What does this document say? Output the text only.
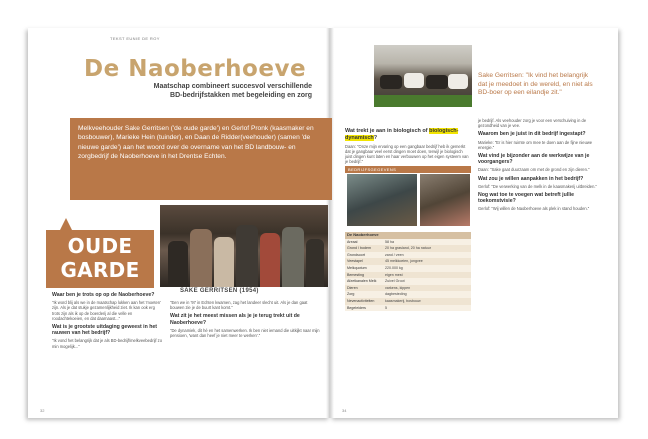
TEKST EUNIE DE ROY
De Naoberhoeve
Maatschap combineert succesvol verschillende
BD-bedrijfstakken met begeleiding en zorg
Melkveehouder Sake Gerritsen ('de oude garde') en Gerlof Pronk (kaasmaker en bosbouwer), Marieke Hein (tuinder), en Daan de Ridder(veehouder) (samen 'de nieuwe garde') aan het woord over de overname van het BD landbouw- en zorgbedrijf de Naoberhoeve in het Drentse Echten.
OUDE
GARDE
SAKE GERRITSEN (1954)
Waar ben je trots op op de Naoberhoeve?

"Ik word blij als we in de maatschap lukken aan het 'moeten' zijn. Als je dat stukje gezamenlijkheid ziet. Ik kan ook erg trots zijn als ik op de boerderij al die velle en roodachtekoeien, en dat daarnaast..."

Wat is je grootste uitdaging geweest in het rauwen van het bedrijf?

"Ik vond het belangrijk dat je als BD-bedrijf/melkveebedrijf zo min mogelijk..."

"Een we in '97 in Echten kwamen, zag het landeer slecht uit. Als je dan gaat bouwen zie je de buurt kant komt."

Wat zit je het meest missen als je je terug trekt uit de Naoberhoeve?

"De dynamiek, dit hé en het samenwerken. Ik ben niet iemand die uitkijkt naar mijn pensioen, 'want dan heef je niet meer te werken'."

32
Sake Gerritsen: "Ik vind het belangrijk dat je meedoet in de wereld, en niet als BD-boer op een eilandje zit."
Wat trekt je aan in biologisch of biologisch-dynamisch?
Daan: "Onze mijn ervaring op een gangbaar bedrijf heb ik gemerkt dat je gangbaar veel eerst dingen moet doen, terwijl je biologisch juist dingen kunt laten en haar verbouwen op het eigen systeem van je bedrijf."
BEDRIJFSGEGEVENS
De Naoberhoeve	
Areaal	58 ha
Grond / bodem	20 ha grasland, 20 ha natuur
Grondsoort	zand / veen
Veestapel	45 melkkoeien, jongvee
Melkquotum	220.000 kg
Bemesting	eigen mest
Afzetkanalen Melk	Zuivel Groot
Dieren	varkens, kippen
Zorg	dagbesteding
Nevenactiviteiten	kaasmakerij, bosbouw
Begeleiders	5

je bedrijf. Als veehouder zorg je voor een verschuiving in de gezondheid van je vee.

Waarom ben je juist in dit bedrijf ingestapt?

Marieke: "Er is hier ruimte om mee te doen aan de fijne nieuwe energie."

Wat vind je bijzonder aan de werkwijze van je voorgangers?

Daan: "Sake gaat duurzaam om met de grond en zijn dieren."

Wat zou je willen aanpakken in het bedrijf?

Gerlof: "De verwerking van de melk in de kaasmakerij uitbreiden."

Nog wat toe te voegen wat betreft jullie toekomstvisie?

Gerlof: "Wij willen de Naoberhoeve als plek in stand houden."

34
